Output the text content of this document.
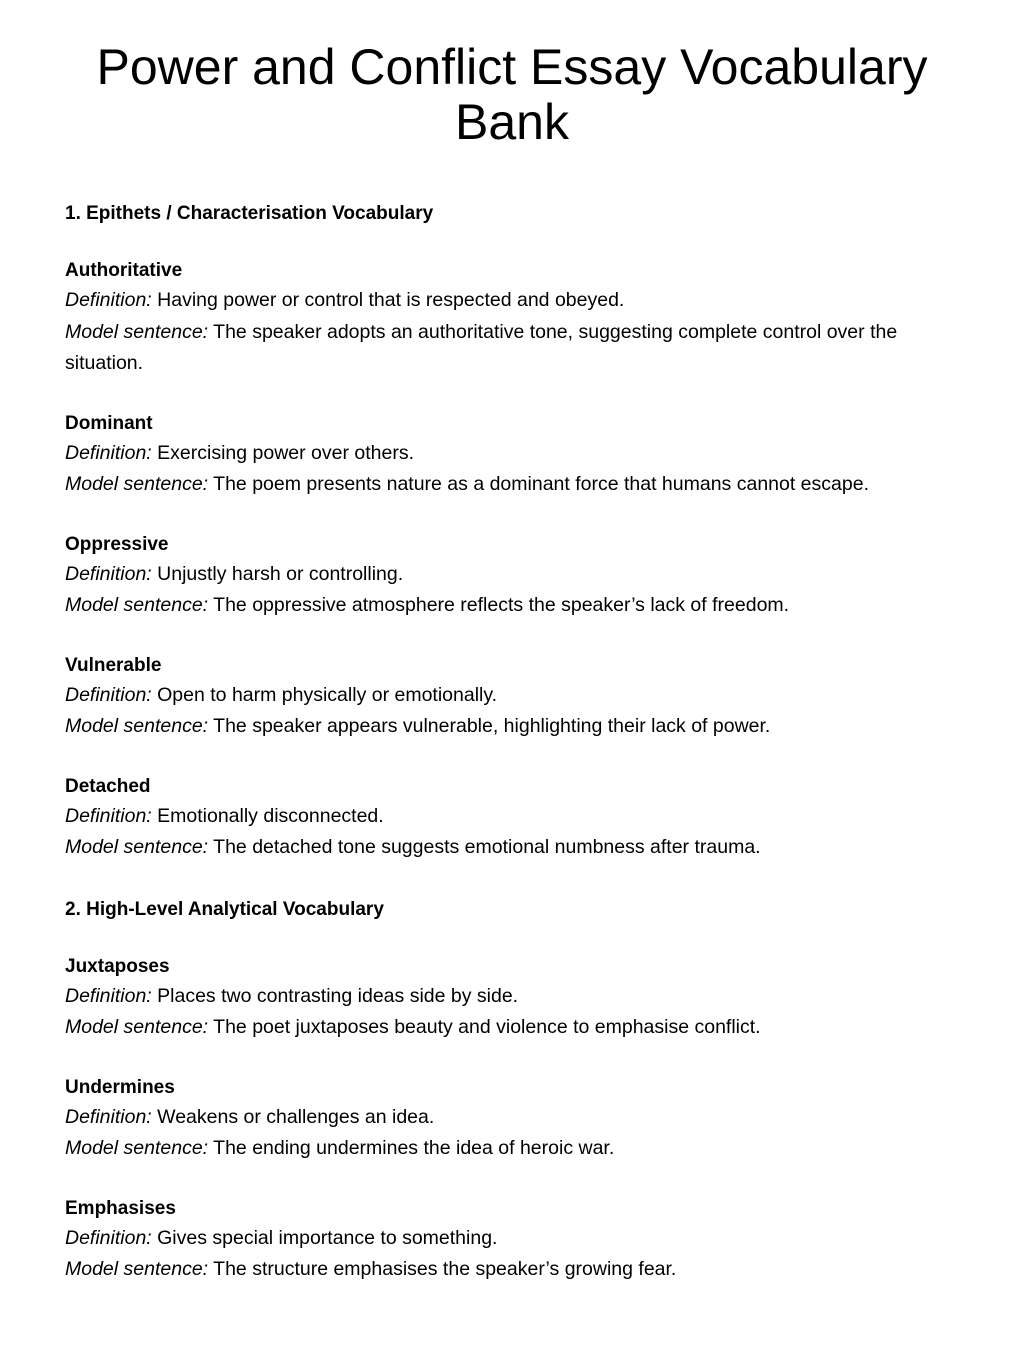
Power and Conflict Essay Vocabulary Bank
1. Epithets / Characterisation Vocabulary
Authoritative
Definition: Having power or control that is respected and obeyed.
Model sentence: The speaker adopts an authoritative tone, suggesting complete control over the situation.
Dominant
Definition: Exercising power over others.
Model sentence: The poem presents nature as a dominant force that humans cannot escape.
Oppressive
Definition: Unjustly harsh or controlling.
Model sentence: The oppressive atmosphere reflects the speaker’s lack of freedom.
Vulnerable
Definition: Open to harm physically or emotionally.
Model sentence: The speaker appears vulnerable, highlighting their lack of power.
Detached
Definition: Emotionally disconnected.
Model sentence: The detached tone suggests emotional numbness after trauma.
2. High-Level Analytical Vocabulary
Juxtaposes
Definition: Places two contrasting ideas side by side.
Model sentence: The poet juxtaposes beauty and violence to emphasise conflict.
Undermines
Definition: Weakens or challenges an idea.
Model sentence: The ending undermines the idea of heroic war.
Emphasises
Definition: Gives special importance to something.
Model sentence: The structure emphasises the speaker’s growing fear.
